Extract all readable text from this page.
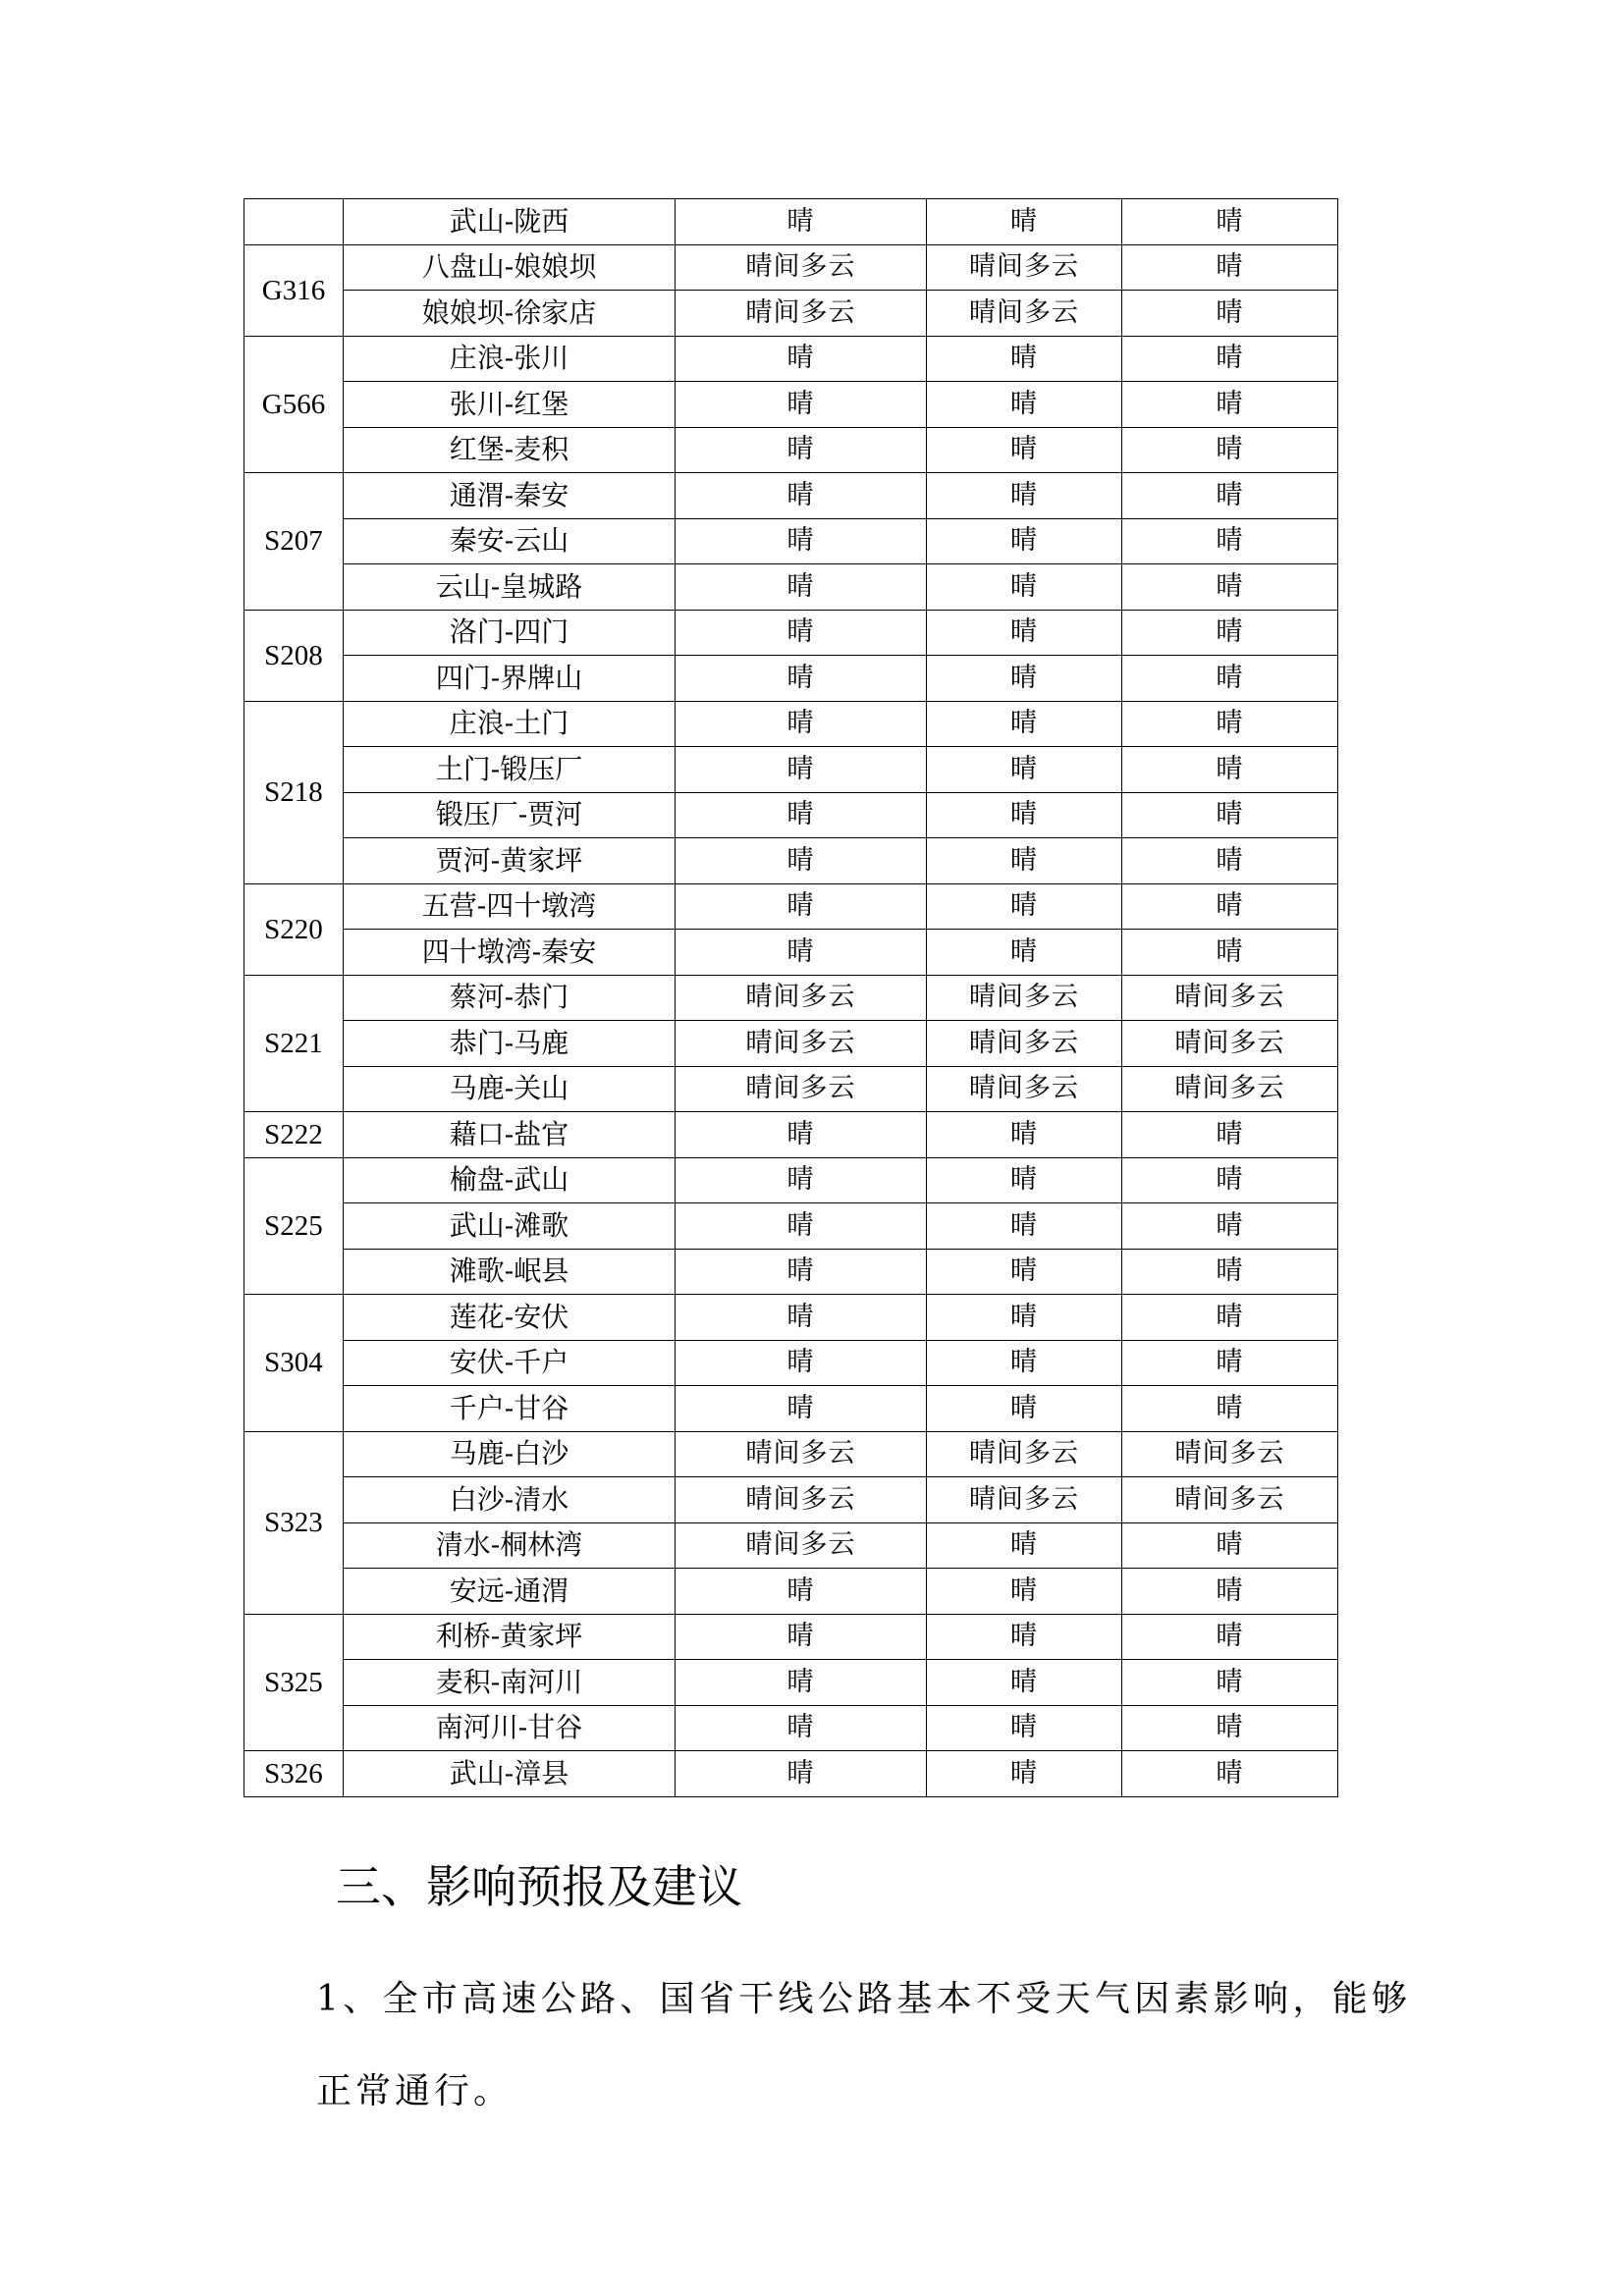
	武山-陇西	晴	晴	晴
G316	八盘山-娘娘坝	晴间多云	晴间多云	晴
	娘娘坝-徐家店	晴间多云	晴间多云	晴
G566	庄浪-张川	晴	晴	晴
	张川-红堡	晴	晴	晴
	红堡-麦积	晴	晴	晴
S207	通渭-秦安	晴	晴	晴
	秦安-云山	晴	晴	晴
	云山-皇城路	晴	晴	晴
S208	洛门-四门	晴	晴	晴
	四门-界牌山	晴	晴	晴
S218	庄浪-土门	晴	晴	晴
	土门-锻压厂	晴	晴	晴
	锻压厂-贾河	晴	晴	晴
	贾河-黄家坪	晴	晴	晴
S220	五营-四十墩湾	晴	晴	晴
	四十墩湾-秦安	晴	晴	晴
S221	蔡河-恭门	晴间多云	晴间多云	晴间多云
	恭门-马鹿	晴间多云	晴间多云	晴间多云
	马鹿-关山	晴间多云	晴间多云	晴间多云
S222	藉口-盐官	晴	晴	晴
S225	榆盘-武山	晴	晴	晴
	武山-滩歌	晴	晴	晴
	滩歌-岷县	晴	晴	晴
S304	莲花-安伏	晴	晴	晴
	安伏-千户	晴	晴	晴
	千户-甘谷	晴	晴	晴
S323	马鹿-白沙	晴间多云	晴间多云	晴间多云
	白沙-清水	晴间多云	晴间多云	晴间多云
	清水-桐林湾	晴间多云	晴	晴
	安远-通渭	晴	晴	晴
S325	利桥-黄家坪	晴	晴	晴
	麦积-南河川	晴	晴	晴
	南河川-甘谷	晴	晴	晴
S326	武山-漳县	晴	晴	晴
三、影响预报及建议

1、全市高速公路、国省干线公路基本不受天气因素影响，能够
正常通行。
